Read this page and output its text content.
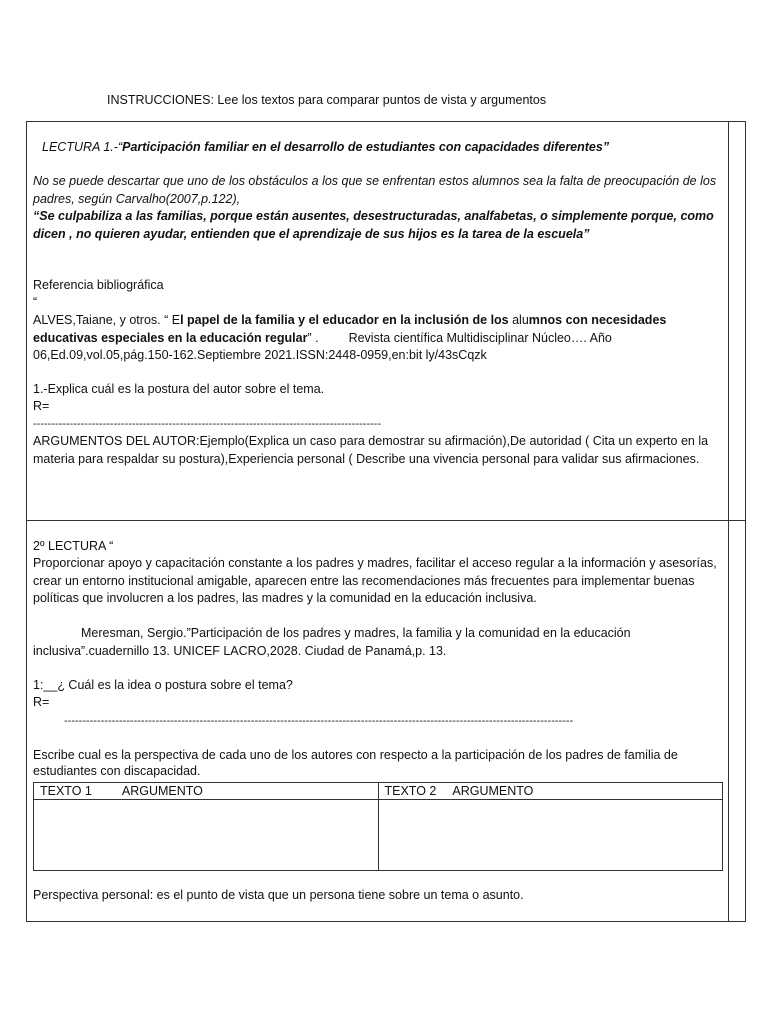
INSTRUCCIONES: Lee los textos para comparar puntos de vista y argumentos
LECTURA 1.-“Participación familiar en el desarrollo de estudiantes con capacidades diferentes”
No se puede descartar que uno de los obstáculos a los que se enfrentan estos alumnos sea la falta de preocupación de los padres, según Carvalho(2007,p.122),
“Se culpabiliza a las familias, porque están ausentes, desestructuradas, analfabetas, o simplemente porque, como dicen , no quieren ayudar, entienden que el aprendizaje de sus hijos es la tarea de la escuela”
Referencia bibliográfica
“
ALVES,Taiane, y otros. “ El papel de la familia y el educador en la inclusión de los alumnos con necesidades educativas especiales en la educación regular” . Revista científica Multidisciplinar Núcleo…. Año 06,Ed.09,vol.05,pág.150-162.Septiembre 2021.ISSN:2448-0959,en:bit ly/43sCqzk
1.-Explica cuál es la postura del autor sobre el tema.
R=
-----------------------------------------------------------------------------------------------
ARGUMENTOS DEL AUTOR:Ejemplo(Explica un caso para demostrar su afirmación),De autoridad ( Cita un experto en la materia para respaldar su postura),Experiencia personal ( Describe una vivencia personal para validar sus afirmaciones.
2º LECTURA “
Proporcionar apoyo y capacitación constante a los padres y madres, facilitar el acceso regular a la información y asesorías, crear un entorno institucional amigable, aparecen entre las recomendaciones más frecuentes para implementar buenas políticas que involucren a los padres, las madres y la comunidad en la educación inclusiva.
Meresman, Sergio.”Participación de los padres y madres, la familia y la comunidad en la educación inclusiva”.cuadernillo 13. UNICEF LACRO,2028. Ciudad de Panamá,p. 13.
1:__¿ Cuál es la idea o postura sobre el tema?
R=
-------------------------------------------------------------------------------------------------------------------------------------------
Escribe cual es la perspectiva de cada uno de los autores con respecto a la participación de los padres de familia de estudiantes con discapacidad.
TEXTO 1 ARGUMENTO	TEXTO 2 ARGUMENTO

Perspectiva personal: es el punto de vista que un persona tiene sobre un tema o asunto.
